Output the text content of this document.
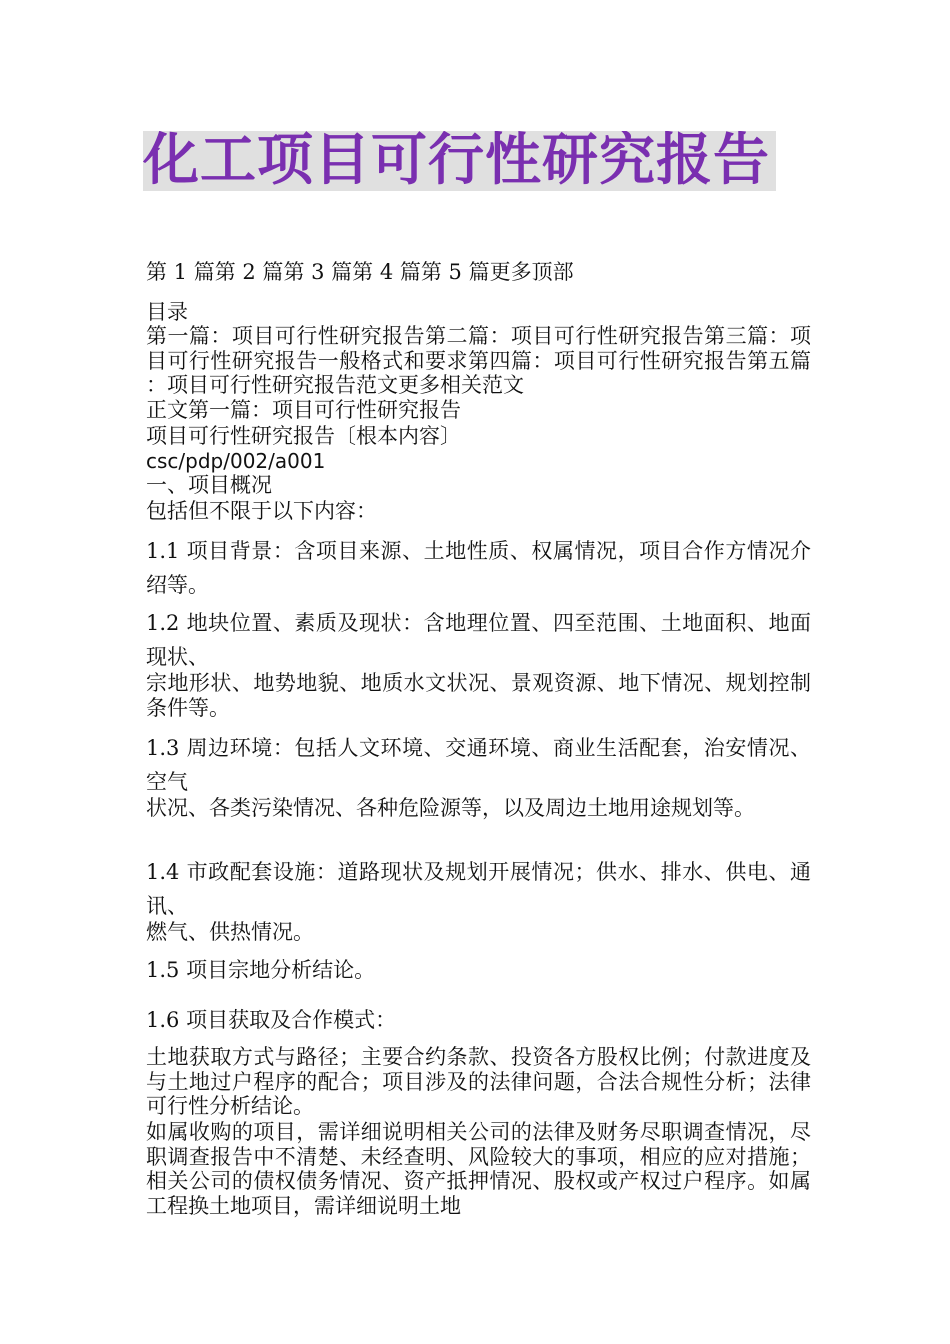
化工项目可行性研究报告
第 1 篇第 2 篇第 3 篇第 4 篇第 5 篇更多顶部
目录
第一篇：项目可行性研究报告第二篇：项目可行性研究报告第三篇：项目可行性研究报告一般格式和要求第四篇：项目可行性研究报告第五篇：项目可行性研究报告范文更多相关范文
正文第一篇：项目可行性研究报告
项目可行性研究报告〔根本内容〕
csc/pdp/002/a001
一、项目概况
包括但不限于以下内容：
1.1 项目背景：含项目来源、土地性质、权属情况，项目合作方情况介绍等。
1.2 地块位置、素质及现状：含地理位置、四至范围、土地面积、地面现状、
宗地形状、地势地貌、地质水文状况、景观资源、地下情况、规划控制条件等。
1.3 周边环境：包括人文环境、交通环境、商业生活配套，治安情况、空气
状况、各类污染情况、各种危险源等，以及周边土地用途规划等。
1.4 市政配套设施：道路现状及规划开展情况；供水、排水、供电、通讯、
燃气、供热情况。
1.5 项目宗地分析结论。
1.6 项目获取及合作模式：
土地获取方式与路径；主要合约条款、投资各方股权比例；付款进度及与土地过户程序的配合；项目涉及的法律问题，合法合规性分析；法律可行性分析结论。
如属收购的项目，需详细说明相关公司的法律及财务尽职调查情况，尽职调查报告中不清楚、未经查明、风险较大的事项，相应的应对措施；相关公司的债权债务情况、资产抵押情况、股权或产权过户程序。如属工程换土地项目，需详细说明土地
